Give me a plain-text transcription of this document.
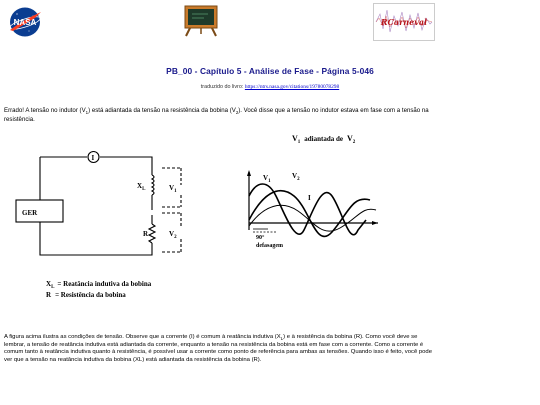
NASA	RCarneval
PB_00 - Capítulo 5 - Análise de Fase - Página 5-046
traduzido do livro: https://ntrs.nasa.gov/citations/19780078298
Errado! A tensão no indutor $(V_1)$ está adiantada da tensão na resistência da bobina $(V_2)$. Você disse que a tensão no indutor estava em fase com a tensão na resistência.
GER
I
$X_L$
R
$V_1$
$V_2$
$X_L$ = Reatância indutiva da bobina
R = Resistência da bobina
$V_1$ adiantada de $V_2$
$V_1$
$V_2$
I
90°
defasagem
A figura acima ilustra as condições de tensão. Observe que a corrente (I) é comum à reatância indutiva $(X_L)$ e à resistência da bobina (R). Como você deve se lembrar, a tensão de reatância indutiva está adiantada da corrente, enquanto a tensão na resistência da bobina está em fase com a corrente. Como a corrente é comum tanto à reatância indutiva quanto à resistência, é possível usar a corrente como ponto de referência para ambas as tensões. Quando isso é feito, você pode ver que a tensão na reatância indutiva da bobina (XL) está adiantada da resistência da bobina (R).
